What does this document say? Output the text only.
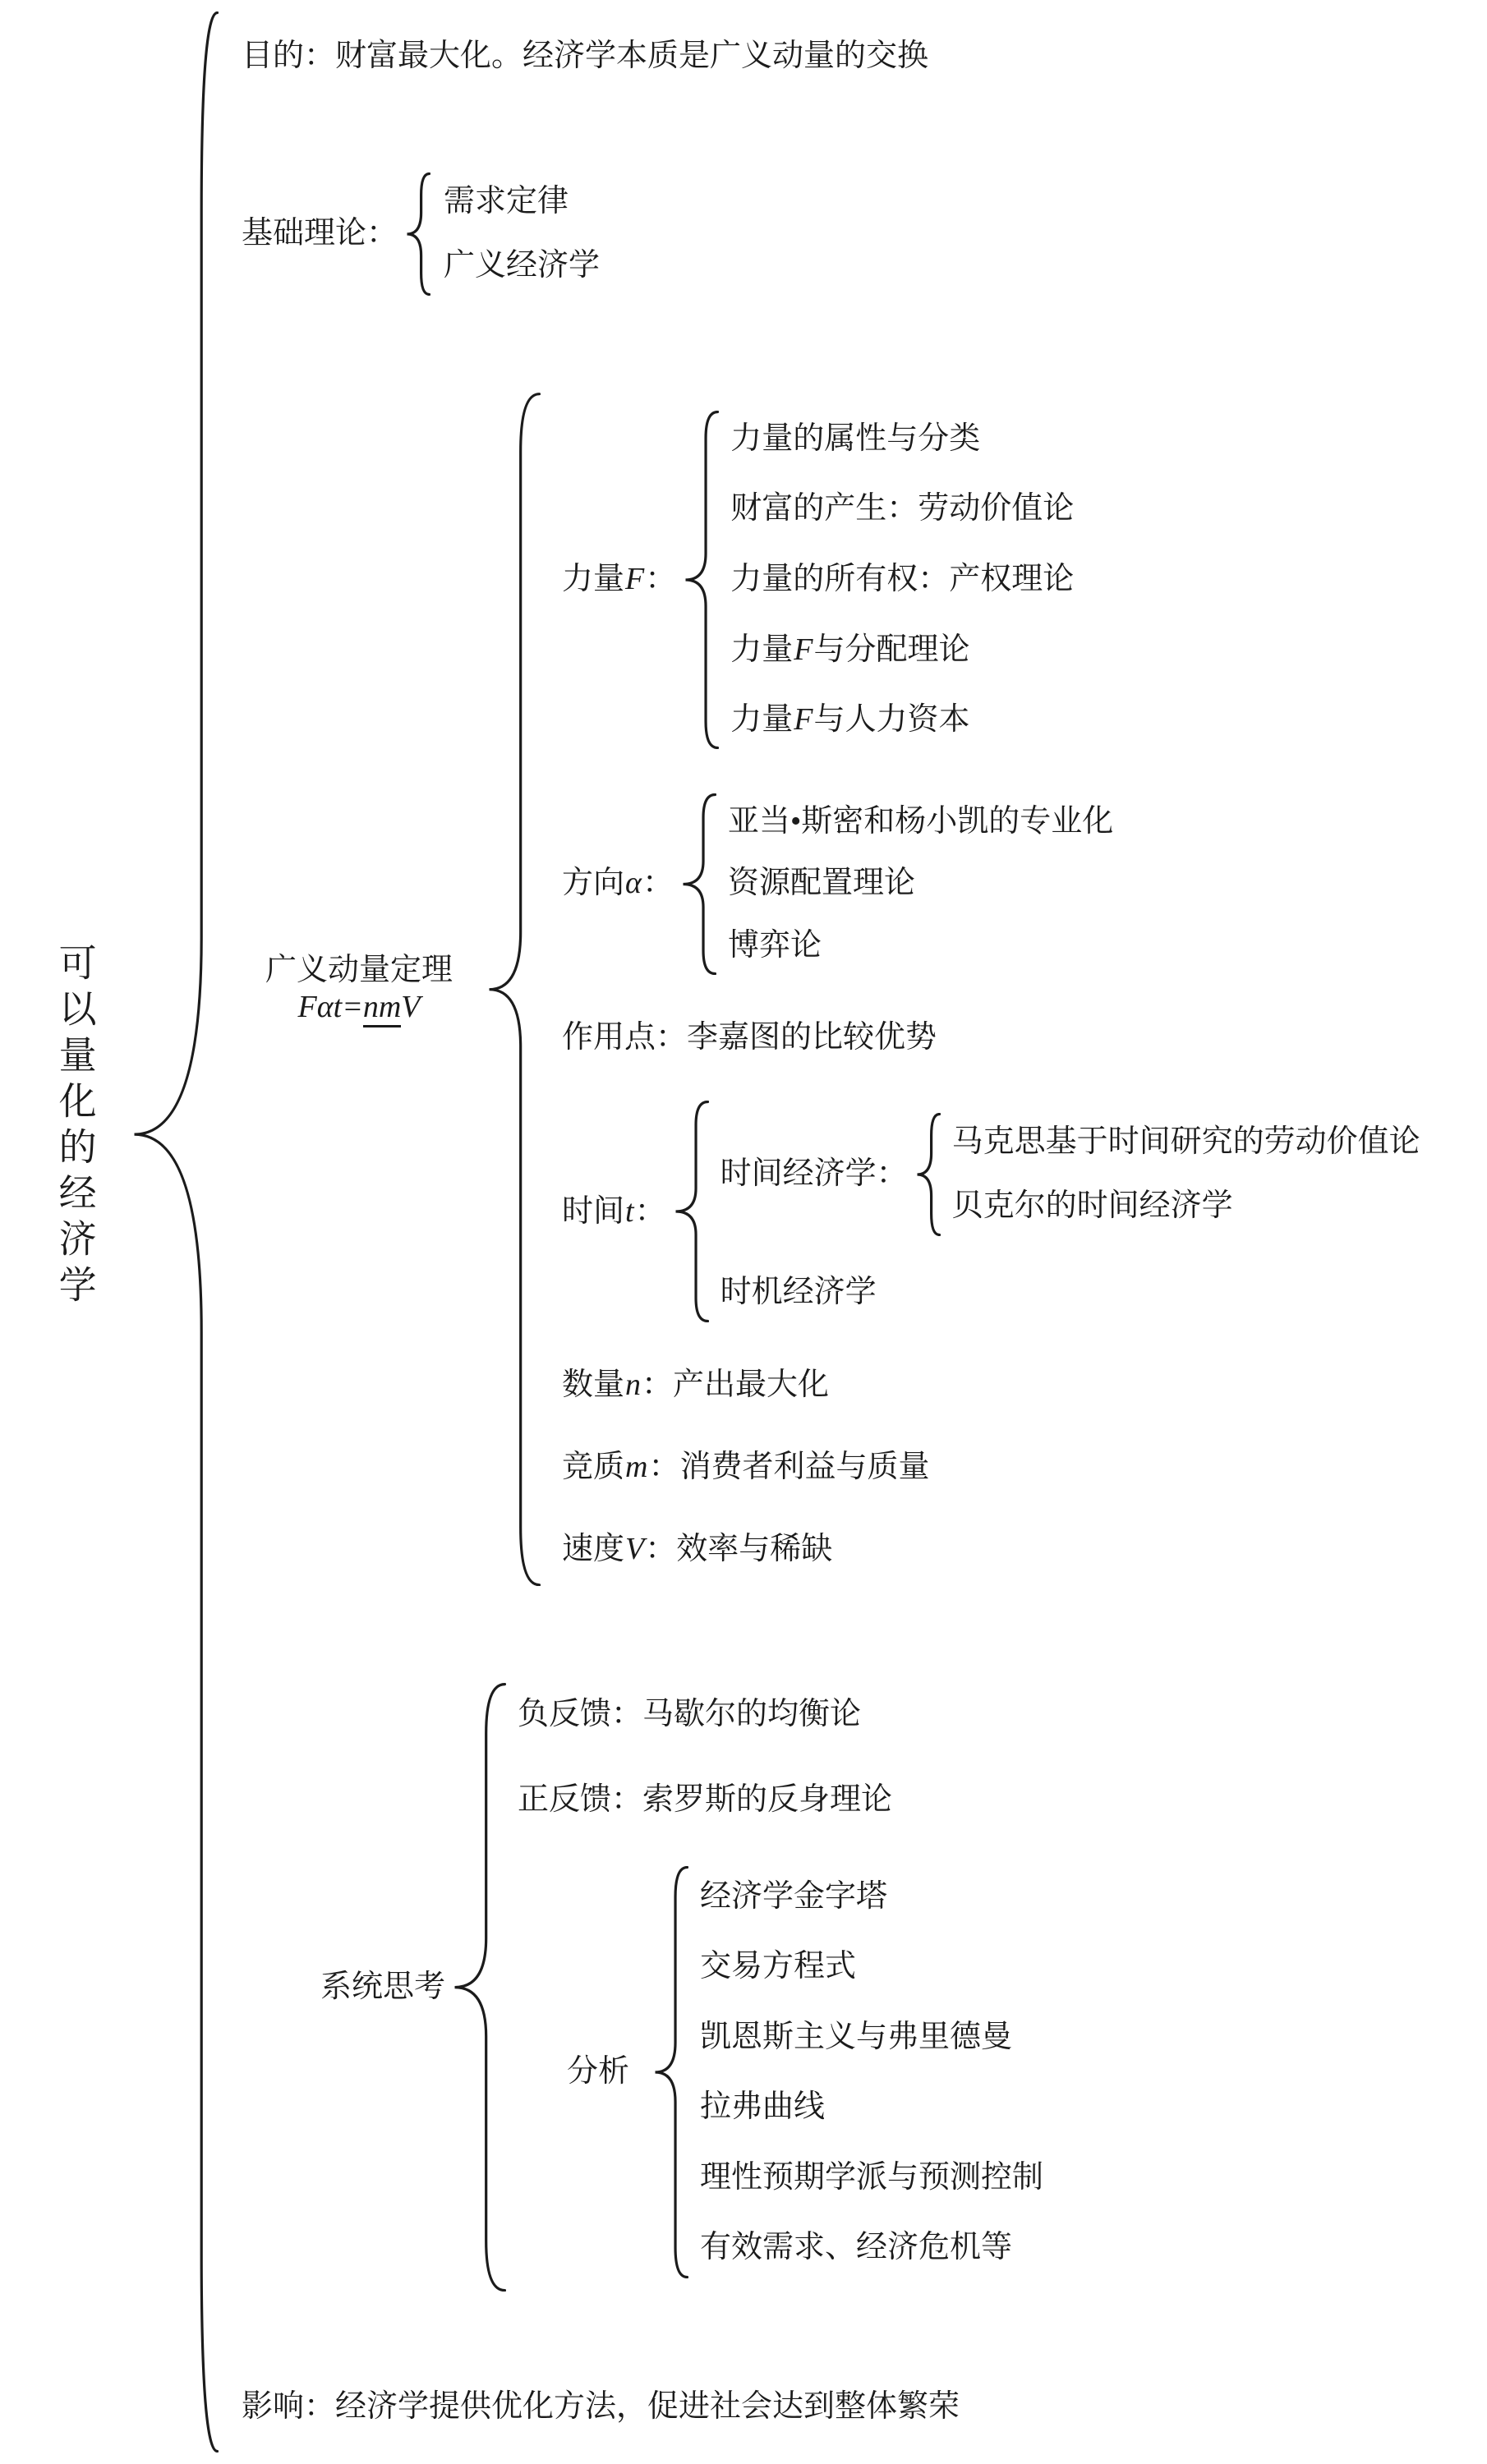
可以量化的经济学
目的：财富最大化。经济学本质是广义动量的交换
基础理论：
需求定律
广义经济学
广义动量定理
Fαt=nmV
力量F：
力量的属性与分类
财富的产生：劳动价值论
力量的所有权：产权理论
力量F与分配理论
力量F与人力资本
方向α：
亚当•斯密和杨小凯的专业化
资源配置理论
博弈论
作用点：李嘉图的比较优势
时间t：
时间经济学：
马克思基于时间研究的劳动价值论
贝克尔的时间经济学
时机经济学
数量n：产出最大化
竞质m：消费者利益与质量
速度V：效率与稀缺
系统思考
负反馈：马歇尔的均衡论
正反馈：索罗斯的反身理论
分析
经济学金字塔
交易方程式
凯恩斯主义与弗里德曼
拉弗曲线
理性预期学派与预测控制
有效需求、经济危机等
影响：经济学提供优化方法，促进社会达到整体繁荣
